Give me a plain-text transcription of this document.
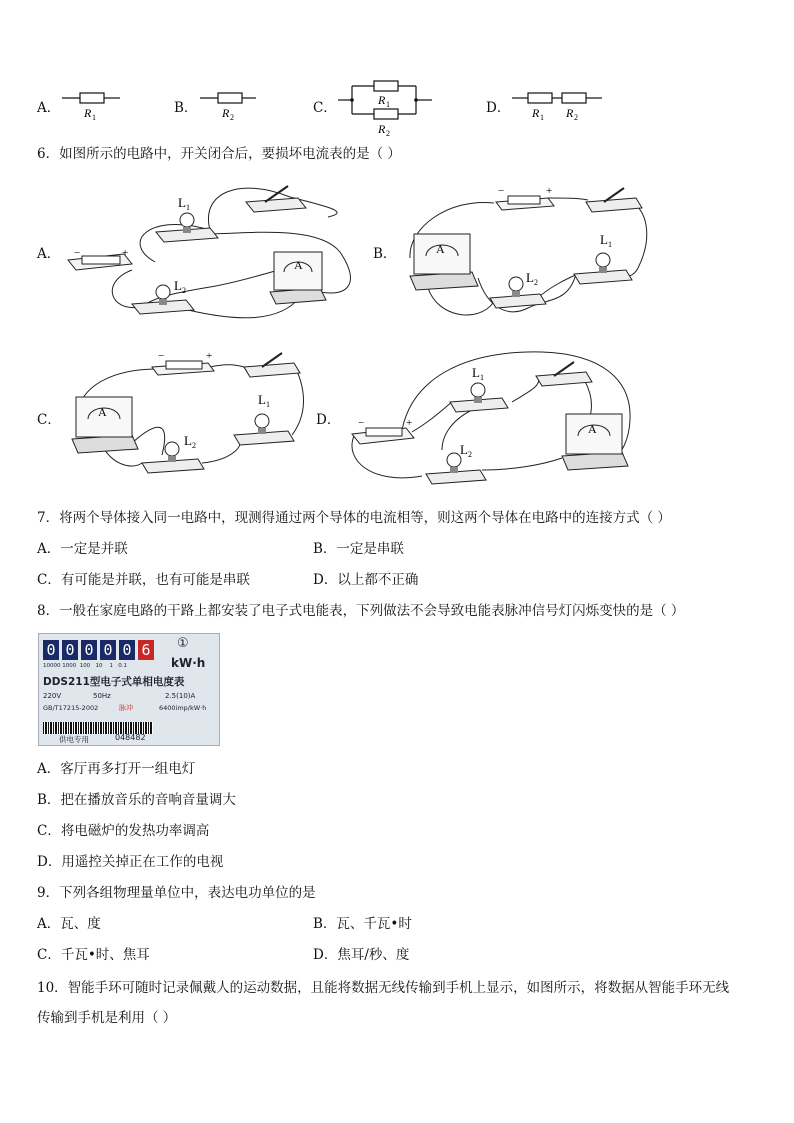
A． R 1
B． R 2
C．	R 1
R 2
D． R 1 R 2
6．如图所示的电路中，开关闭合后，要损坏电流表的是（ ）
A． −	+
L 1
L 2
A
B．
−	+
A
L 1
L 2
C．
−	+
A
L 1
L 2
D． −	+
L 1
L 2
A
7．将两个导体接入同一电路中，现测得通过两个导体的电流相等，则这两个导体在电路中的连接方式（ ）
A．一定是并联	B．一定是串联
C．有可能是并联，也有可能是串联	D．以上都不正确
8．一般在家庭电路的干路上都安装了电子式电能表，下列做法不会导致电能表脉冲信号灯闪烁变快的是（ ）
0 0 0 0 0 6 ①
kW·h
10000 1000  100   10    1   0.1
DDS211型电子式单相电度表
220V	50Hz	2.5(10)A
GB/T17215-2002	脉冲	6400imp/kW·h
供电专用	048482
A．客厅再多打开一组电灯
B．把在播放音乐的音响音量调大
C．将电磁炉的发热功率调高
D．用遥控关掉正在工作的电视
9．下列各组物理量单位中，表达电功单位的是
A．瓦、度	B．瓦、千瓦•时
C．千瓦•时、焦耳	D．焦耳/秒、度
10．智能手环可随时记录佩戴人的运动数据，且能将数据无线传输到手机上显示，如图所示，将数据从智能手环无线
传输到手机是利用（ ）
